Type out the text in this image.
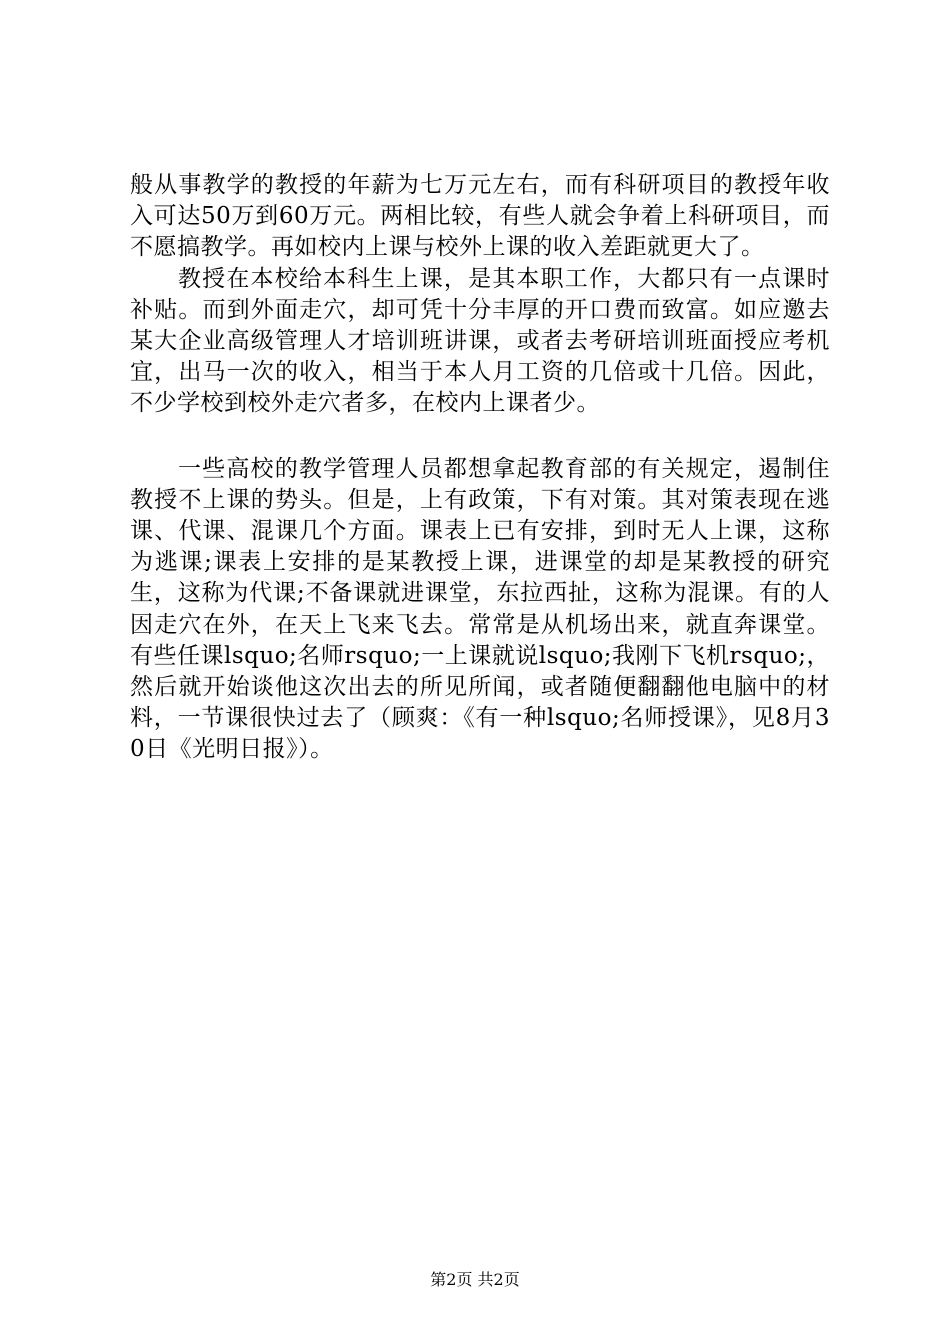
般从事教学的教授的年薪为七万元左右，而有科研项目的教授年收入可达50万到60万元。两相比较，有些人就会争着上科研项目，而不愿搞教学。再如校内上课与校外上课的收入差距就更大了。

教授在本校给本科生上课，是其本职工作，大都只有一点课时补贴。而到外面走穴，却可凭十分丰厚的开口费而致富。如应邀去某大企业高级管理人才培训班讲课，或者去考研培训班面授应考机宜，出马一次的收入，相当于本人月工资的几倍或十几倍。因此，不少学校到校外走穴者多，在校内上课者少。

一些高校的教学管理人员都想拿起教育部的有关规定，遏制住教授不上课的势头。但是，上有政策，下有对策。其对策表现在逃课、代课、混课几个方面。课表上已有安排，到时无人上课，这称为逃课;课表上安排的是某教授上课，进课堂的却是某教授的研究生，这称为代课;不备课就进课堂，东拉西扯，这称为混课。有的人因走穴在外，在天上飞来飞去。常常是从机场出来，就直奔课堂。有些任课lsquo;名师rsquo;一上课就说lsquo;我刚下飞机rsquo;，然后就开始谈他这次出去的所见所闻，或者随便翻翻他电脑中的材料，一节课很快过去了（顾爽：《有一种lsquo;名师授课》，见8月30日《光明日报》）。

第2页 共2页
